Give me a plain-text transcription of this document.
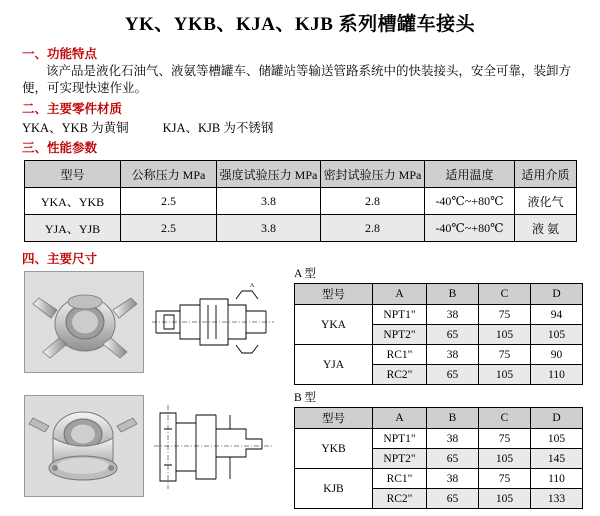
YK、YKB、KJA、KJB 系列槽罐车接头
一、功能特点
该产品是液化石油气、液氨等槽罐车、储罐站等输送管路系统中的快装接头，安全可靠，装卸方便，可实现快速作业。
二、主要零件材质
YKA、YKB 为黄铜	KJA、KJB 为不锈钢
三、性能参数
型号	公称压力 MPa	强度试验压力 MPa	密封试验压力 MPa	适用温度	适用介质
YKA、YKB	2.5	3.8	2.8	-40℃~+80℃	液化气
YJA、YJB	2.5	3.8	2.8	-40℃~+80℃	液 氨
四、主要尺寸
A
A 型
型号	A	B	C	D
YKA	NPT1"	38	75	94
	NPT2"	65	105	105
YJA	RC1"	38	75	90
	RC2"	65	105	110
B 型
型号	A	B	C	D
YKB	NPT1"	38	75	105
	NPT2"	65	105	145
KJB	RC1"	38	75	110
	RC2"	65	105	133
